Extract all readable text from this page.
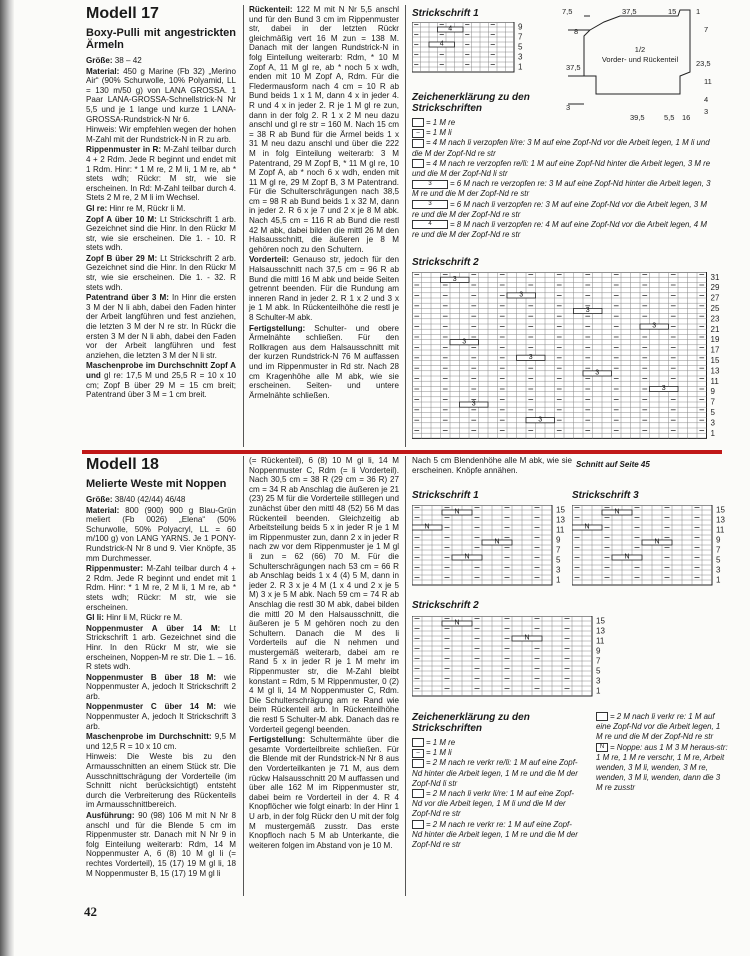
Modell 17
Boxy-Pulli mit angestrickten Ärmeln

Größe: 38 – 42

Material: 450 g Marine (Fb 32) „Merino Air“ (90% Schurwolle, 10% Polyamid, LL = 130 m/50 g) von LANA GROSSA. 1 Paar LANA-GROSSA-Schnellstrick-N Nr 5,5 und je 1 lange und kurze 1 LANA-GROSSA-Rundstrick-N Nr 6.

Hinweis: Wir empfehlen wegen der hohen M-Zahl mit der Rundstrick-N in R zu arb.

Rippenmuster in R: M-Zahl teilbar durch 4 + 2 Rdm. Jede R beginnt und endet mit 1 Rdm. Hinr: * 1 M re, 2 M li, 1 M re, ab * stets wdh; Rückr: M str, wie sie erscheinen. In Rd: M-Zahl teilbar durch 4. Stets 2 M re, 2 M li im Wechsel.

Gl re: Hinr re M, Rückr li M.

Zopf A über 10 M: Lt Strickschrift 1 arb. Gezeichnet sind die Hinr. In den Rückr M str, wie sie erscheinen. Die 1. - 10. R stets wdh.

Zopf B über 29 M: Lt Strickschrift 2 arb. Gezeichnet sind die Hinr. In den Rückr M str, wie sie erscheinen. Die 1. - 32. R stets wdh.

Patentrand über 3 M: In Hinr die ersten 3 M der N li abh, dabei den Faden hinter der Arbeit langführen und fest anziehen, die letzten 3 M der N re str. In Rückr die ersten 3 M der N li abh, dabei den Faden vor der Arbeit langführen und fest anziehen, die letzten 3 M der N li str.

Maschenprobe im Durchschnitt Zopf A und gl re: 17,5 M und 25,5 R = 10 x 10 cm; Zopf B über 29 M = 15 cm breit; Patentrand über 3 M = 1 cm breit.

Rückenteil: 122 M mit N Nr 5,5 anschl und für den Bund 3 cm im Rippenmuster str, dabei in der letzten Rückr gleichmäßig vert 16 M zun = 138 M. Danach mit der langen Rundstrick-N in folg Einteilung weiterarb: Rdm, * 10 M Zopf A, 11 M gl re, ab * noch 5 x wdh, enden mit 10 M Zopf A, Rdm. Für die Fledermausform nach 4 cm = 10 R ab Bund beids 1 x 1 M, dann 4 x in jeder 4. R und 4 x in jeder 2. R je 1 M gl re zun, dann in der folg 2. R 1 x 2 M neu dazu anschl und gl re str = 160 M. Nach 15 cm = 38 R ab Bund für die Ärmel beids 1 x 31 M neu dazu anschl und über die 222 M in folg Einteilung weiterarb: 3 M Patentrand, 29 M Zopf B, * 11 M gl re, 10 M Zopf A, ab * noch 6 x wdh, enden mit 11 M gl re, 29 M Zopf B, 3 M Patentrand. Für die Schulterschrägungen nach 38,5 cm = 98 R ab Bund beids 1 x 32 M, dann in jeder 2. R 6 x je 7 und 2 x je 8 M abk. Nach 45,5 cm = 116 R ab Bund die restl 42 M abk, dabei bilden die mittl 26 M den Halsausschnitt, die äußeren je 8 M gehören noch zu den Schultern.

Vorderteil: Genauso str, jedoch für den Halsausschnitt nach 37,5 cm = 96 R ab Bund die mittl 16 M abk und beide Seiten getrennt beenden. Für die Rundung am inneren Rand in jeder 2. R 1 x 2 und 3 x je 1 M abk. In Rückenteilhöhe die restl je 8 Schulter-M abk.

Fertigstellung: Schulter- und obere Ärmelnähte schließen. Für den Rollkragen aus dem Halsausschnitt mit der kurzen Rundstrick-N 76 M auffassen und im Rippenmuster in Rd str. Nach 28 cm Kragenhöhe alle M abk, wie sie erscheinen. Seiten- und untere Ärmelnähte schließen.

Strickschrift 1
9
7
5
3
1
4
4
7,5	37,5	15	1
8
37,5
3
1/2
Vorder- und Rückenteil
7
23,5
11
4
3
39,5	5,5 16
Zeichenerklärung zu den Strickschriften
= 1 M re
– = 1 M li
= 4 M nach li verzopfen li/re: 3 M auf eine Zopf-Nd vor die Arbeit legen, 1 M li und die M der Zopf-Nd re str
= 4 M nach re verzopfen re/li: 1 M auf eine Zopf-Nd hinter die Arbeit legen, 3 M re und die M der Zopf-Nd li str
3 = 6 M nach re verzopfen re: 3 M auf eine Zopf-Nd hinter die Arbeit legen, 3 M re und die M der Zopf-Nd re str
3 = 6 M nach li verzopfen re: 3 M auf eine Zopf-Nd vor die Arbeit legen, 3 M re und die M der Zopf-Nd re str
4 = 8 M nach li verzopfen re: 4 M auf eine Zopf-Nd vor die Arbeit legen, 4 M re und die M der Zopf-Nd re str
Strickschrift 2
31
29
27
25
23
21
19
17
15
13
11
9
7
5
3
1
3
3
3
3
3
3
3
3
3
3
Modell 18
Melierte Weste mit Noppen

Größe: 38/40 (42/44) 46/48

Material: 800 (900) 900 g Blau-Grün meliert (Fb 0026) „Elena“ (50% Schurwolle, 50% Polyacryl, LL = 60 m/100 g) von LANG YARNS. Je 1 PONY-Rundstrick-N Nr 8 und 9. Vier Knöpfe, 35 mm Durchmesser.

Rippenmuster: M-Zahl teilbar durch 4 + 2 Rdm. Jede R beginnt und endet mit 1 Rdm. Hinr: * 1 M re, 2 M li, 1 M re, ab * stets wdh; Rückr: M str, wie sie erscheinen.

Gl li: Hinr li M, Rückr re M.

Noppenmuster A über 14 M: Lt Strickschrift 1 arb. Gezeichnet sind die Hinr. In den Rückr M str, wie sie erscheinen, Noppen-M re str. Die 1. – 16. R stets wdh.

Noppenmuster B über 18 M: wie Noppenmuster A, jedoch lt Strickschrift 2 arb.

Noppenmuster C über 14 M: wie Noppenmuster A, jedoch lt Strickschrift 3 arb.

Maschenprobe im Durchschnitt: 9,5 M und 12,5 R = 10 x 10 cm.

Hinweis: Die Weste bis zu den Armausschnitten an einem Stück str. Die Ausschnittschrägung der Vorderteile (im Schnitt nicht berücksichtigt) entsteht durch die Verbreiterung des Rückenteils im Armausschnittbereich.

Ausführung: 90 (98) 106 M mit N Nr 8 anschl und für die Blende 5 cm im Rippenmuster str. Danach mit N Nr 9 in folg Einteilung weiterarb: Rdm, 14 M Noppenmuster A, 6 (8) 10 M gl li (= rechtes Vorderteil), 15 (17) 19 M gl li, 18 M Noppenmuster B, 15 (17) 19 M gl li

(= Rückenteil), 6 (8) 10 M gl li, 14 M Noppenmuster C, Rdm (= li Vorderteil). Nach 30,5 cm = 38 R (29 cm = 36 R) 27 cm = 34 R ab Anschlag die äußeren je 21 (23) 25 M für die Vorderteile stilllegen und zunächst über den mittl 48 (52) 56 M das Rückenteil beenden. Gleichzeitig ab Arbeitsteilung beids 5 x in jeder R je 1 M im Rippenmuster zun, dann 2 x in jeder R nach zw vor dem Rippenmuster je 1 M gl li zun = 62 (66) 70 M. Für die Schulterschrägungen nach 53 cm = 66 R ab Anschlag beids 1 x 4 (4) 5 M, dann in jeder 2. R 3 x je 4 M (1 x 4 und 2 x je 5 M) 3 x je 5 M abk. Nach 59 cm = 74 R ab Anschlag die restl 30 M abk, dabei bilden die mittl 20 M den Halsausschnitt, die äußeren je 5 M gehören noch zu den Schultern. Danach die M des li Vorderteils auf die N nehmen und mustergemäß weiterarb, dabei am re Rand 5 x in jeder R je 1 M mehr im Rippenmuster str, die M-Zahl bleibt konstant = Rdm, 5 M Rippenmuster, 0 (2) 4 M gl li, 14 M Noppenmuster C, Rdm. Die Schulterschrägung am re Rand wie beim Rückenteil arb. In Rückenteilhöhe die restl 5 Schulter-M abk. Danach das re Vorderteil gegengl beenden.

Fertigstellung: Schultermähte über die gesamte Vorderteilbreite schließen. Für die Blende mit der Rundstrick-N Nr 8 aus den Vorderteilkanten je 71 M, aus dem rückw Halsausschnitt 20 M auffassen und über alle 162 M im Rippenmuster str, dabei beim re Vorderteil in der 4. R 4 Knopflöcher wie folgt einarb: In der Hinr 1 U arb, in der folg Rückr den U mit der folg M mustergemäß zusstr. Das erste Knopfloch nach 5 M ab Unterkante, die weiteren folgen im Abstand von je 10 M.

Nach 5 cm Blendenhöhe alle M abk, wie sie erscheinen. Knöpfe annähen.
Schnitt auf Seite 45
Strickschrift 1
15
13
11
9
7
5
3
1
N
N
N
N
Strickschrift 3
15
13
11
9
7
5
3
1
N
N
N
N
Strickschrift 2
15
13
11
9
7
5
3
1
N
N
Zeichenerklärung zu den Strickschriften
= 1 M re
– = 1 M li
= 2 M nach re verkr re/li: 1 M auf eine Zopf-Nd hinter die Arbeit legen, 1 M re und die M der Zopf-Nd li str
= 2 M nach li verkr li/re: 1 M auf eine Zopf-Nd vor die Arbeit legen, 1 M li und die M der Zopf-Nd re str
= 2 M nach re verkr re: 1 M auf eine Zopf-Nd hinter die Arbeit legen, 1 M re und die M der Zopf-Nd re str
= 2 M nach li verkr re: 1 M auf eine Zopf-Nd vor die Arbeit legen, 1 M re und die M der Zopf-Nd re str
N = Noppe: aus 1 M 3 M heraus-str: 1 M re, 1 M re verschr, 1 M re, Arbeit wenden, 3 M li, wenden, 3 M re, wenden, 3 M li, wenden, dann die 3 M re zusstr
42
